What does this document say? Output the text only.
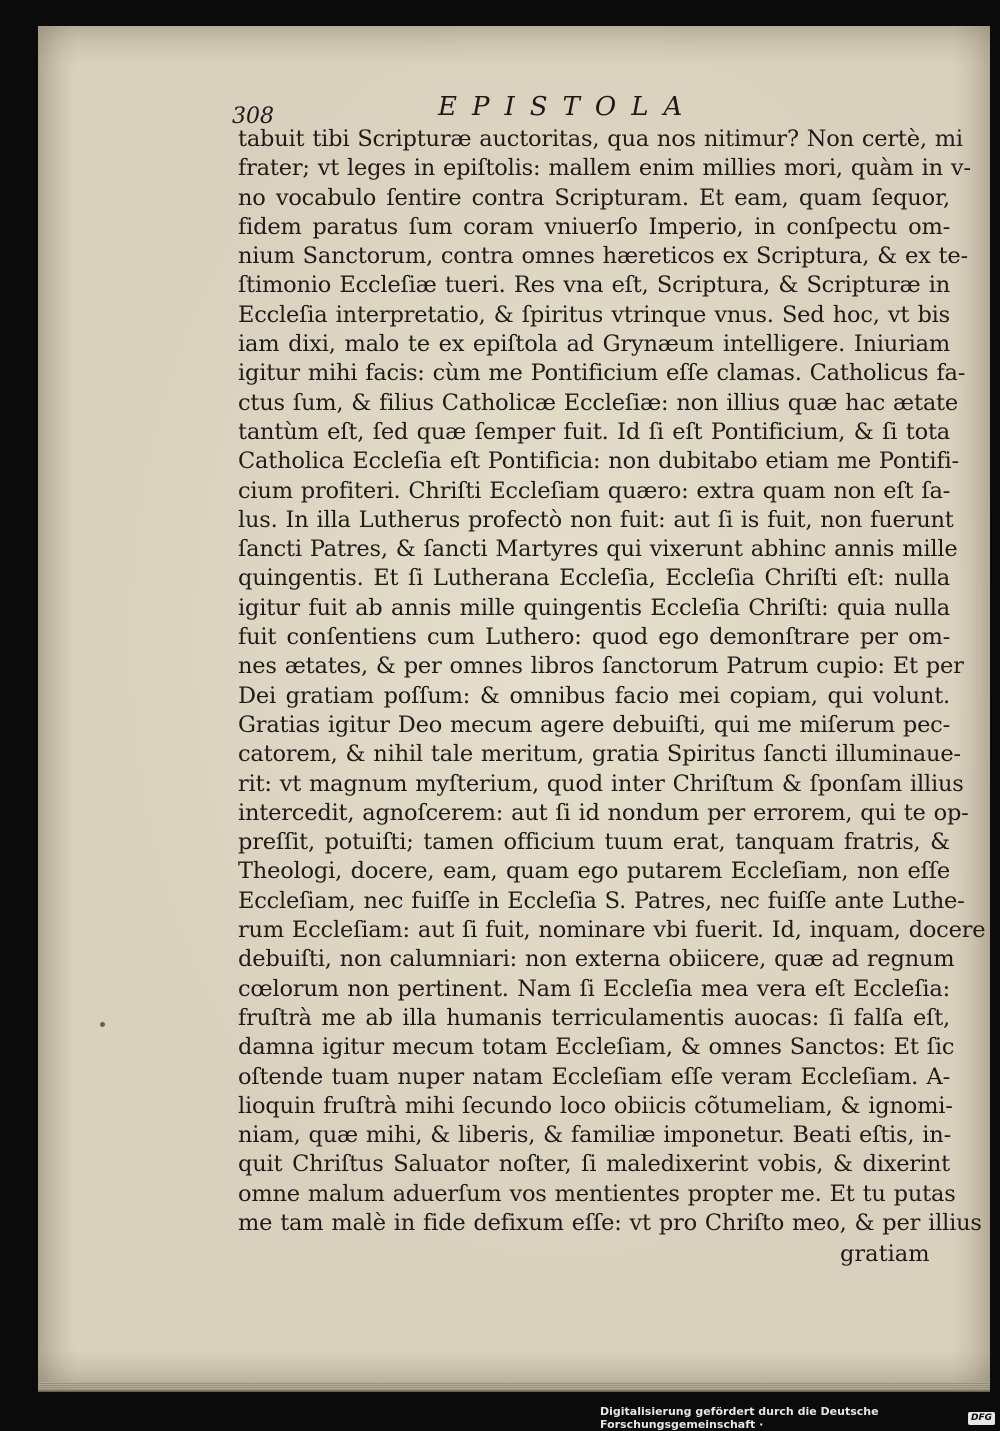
308	EPISTOLA
tabuit tibi Scripturæ auctoritas, qua nos nitimur? Non certè, mi
frater; vt leges in epiſtolis: mallem enim millies mori, quàm in v-
no vocabulo ſentire contra Scripturam. Et eam, quam ſequor,
fidem paratus ſum coram vniuerſo Imperio, in conſpectu om-
nium Sanctorum, contra omnes hæreticos ex Scriptura, & ex te-
ſtimonio Eccleſiæ tueri. Res vna eſt, Scriptura, & Scripturæ in
Eccleſia interpretatio, & ſpiritus vtrinque vnus. Sed hoc, vt bis
iam dixi, malo te ex epiſtola ad Grynæum intelligere. Iniuriam
igitur mihi facis: cùm me Pontificium eſſe clamas. Catholicus fa-
ctus ſum, & filius Catholicæ Eccleſiæ: non illius quæ hac ætate
tantùm eſt, ſed quæ ſemper fuit. Id ſi eſt Pontificium, & ſi tota
Catholica Eccleſia eſt Pontificia: non dubitabo etiam me Pontifi-
cium profiteri. Chriſti Eccleſiam quæro: extra quam non eſt ſa-
lus. In illa Lutherus profectò non fuit: aut ſi is fuit, non fuerunt
ſancti Patres, & ſancti Martyres qui vixerunt abhinc annis mille
quingentis. Et ſi Lutherana Eccleſia, Eccleſia Chriſti eſt: nulla
igitur fuit ab annis mille quingentis Eccleſia Chriſti: quia nulla
fuit conſentiens cum Luthero: quod ego demonſtrare per om-
nes ætates, & per omnes libros ſanctorum Patrum cupio: Et per
Dei gratiam poſſum: & omnibus facio mei copiam, qui volunt.
Gratias igitur Deo mecum agere debuiſti, qui me miſerum pec-
catorem, & nihil tale meritum, gratia Spiritus ſancti illuminaue-
rit: vt magnum myſterium, quod inter Chriſtum & ſponſam illius
intercedit, agnoſcerem: aut ſi id nondum per errorem, qui te op-
preſſit, potuiſti; tamen officium tuum erat, tanquam fratris, &
Theologi, docere, eam, quam ego putarem Eccleſiam, non eſſe
Eccleſiam, nec fuiſſe in Eccleſia S. Patres, nec fuiſſe ante Luthe-
rum Eccleſiam: aut ſi fuit, nominare vbi fuerit. Id, inquam, docere
debuiſti, non calumniari: non externa obiicere, quæ ad regnum
cœlorum non pertinent. Nam ſi Eccleſia mea vera eſt Eccleſia:
fruſtrà me ab illa humanis terriculamentis auocas: ſi falſa eſt,
damna igitur mecum totam Eccleſiam, & omnes Sanctos: Et ſic
oſtende tuam nuper natam Eccleſiam eſſe veram Eccleſiam. A-
lioquin fruſtrà mihi ſecundo loco obiicis cõtumeliam, & ignomi-
niam, quæ mihi, & liberis, & familiæ imponetur. Beati eſtis, in-
quit Chriſtus Saluator noſter, ſi maledixerint vobis, & dixerint
omne malum aduerſum vos mentientes propter me. Et tu putas
me tam malè in fide defixum eſſe: vt pro Chriſto meo, & per illius
gratiam
Digitalisierung gefördert durch die Deutsche Forschungsgemeinschaft ·
DFG
